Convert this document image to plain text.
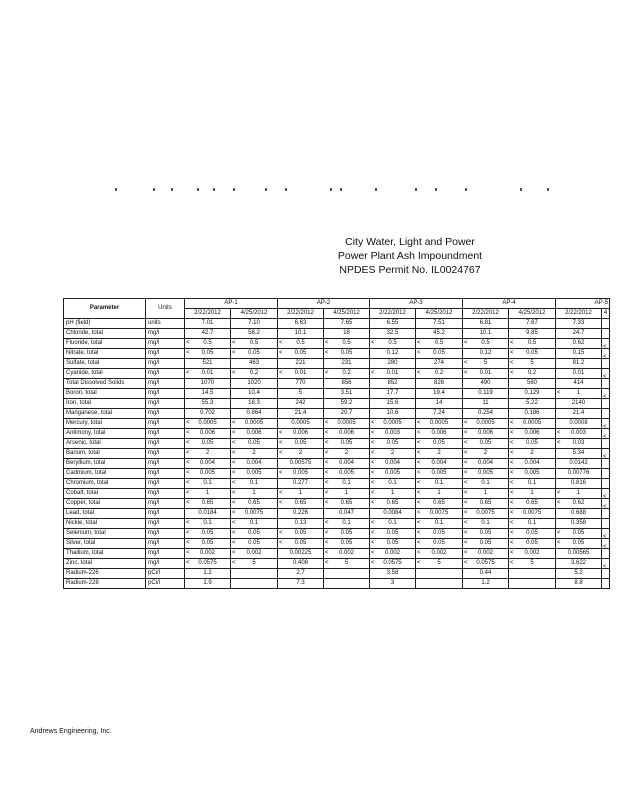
City Water, Light and Power
Power Plant Ash Impoundment
NPDES Permit No. IL0024767
Parameter	Units	AP-1		AP-2		AP-3		AP-4		AP-5	
		2/22/2012	4/25/2012	2/22/2012	4/25/2012	2/22/2012	4/25/2012	2/22/2012	4/25/2012	2/22/2012	4
pH (field)	units	7.01	7.10	6.63	7.65	6.55	7.51	6.81	7.67	7.33	

Chloride, total	mg/l	42.7	58.2	10.1	18	32.5	45.2	10.1	9.85	24.7	

Fluoride, total	mg/l	< 0.5	< 0.5	< 0.5	< 0.5	< 0.5	< 0.5	< 0.5	< 0.5	0.62	<

Nitrate, total	mg/l	< 0.05	< 0.05	< 0.05	< 0.05	0.12	< 0.05	0.12	< 0.05	0.15	<

Sulfate, total	mg/l	521	463	221	231	280	274	< 5	< 5	81.2	

Cyanide, total	mg/l	< 0.01	< 0.2	< 0.01	< 0.2	< 0.01	< 0.2	< 0.01	< 0.2	0.01	<

Total Dissolved Solids	mg/l	1070	1020	770	856	852	826	490	560	414	

Boron, total	mg/l	14.5	10.4	5	3.51	17.7	19.4	0.119	0.129	< 1	<

Iron, total	mg/l	55.3	18.3	242	59.2	15.6	14	11	5.22	2140	

Manganese, total	mg/l	0.702	0.864	21.4	20.7	10.6	7.24	0.254	0.186	21.4	

Mercury, total	mg/l	< 0.0005	< 0.0005	0.0005	< 0.0005	< 0.0005	< 0.0005	< 0.0005	< 0.0005	0.0008	<

Antimony, total	mg/l	< 0.006	< 0.006	< 0.006	< 0.006	< 0.003	< 0.006	< 0.006	< 0.006	< 0.003	<

Arsenic, total	mg/l	< 0.05	< 0.05	< 0.05	< 0.05	< 0.05	< 0.05	< 0.05	< 0.05	< 0.03	

Barium, total	mg/l	< 2	< 2	< 2	< 2	< 2	< 2	< 2	< 2	5.34	<

Beryllium, total	mg/l	< 0.004	< 0.004	0.00575	< 0.004	< 0.004	< 0.004	< 0.004	< 0.004	0.0142	

Cadmium, total	mg/l	< 0.005	< 0.005	< 0.005	< 0.005	< 0.005	< 0.005	< 0.005	< 0.005	0.00776	

Chromium, total	mg/l	< 0.1	< 0.1	0.277	< 0.1	< 0.1	< 0.1	< 0.1	< 0.1	0.816	

Cobalt, total	mg/l	< 1	< 1	< 1	< 1	< 1	< 1	< 1	< 1	< 1	<

Copper, total	mg/l	< 0.65	< 0.65	< 0.65	< 0.65	< 0.65	< 0.65	< 0.65	< 0.65	< 0.62	<

Lead, total	mg/l	0.0184	< 0.0075	0.226	0.047	0.0084	< 0.0075	< 0.0075	< 0.0075	0.688	

Nickle, total	mg/l	< 0.1	< 0.1	0.13	< 0.1	< 0.1	< 0.1	< 0.1	< 0.1	0.358	

Selenium, total	mg/l	< 0.05	< 0.05	< 0.05	< 0.05	< 0.05	< 0.05	< 0.05	< 0.05	< 0.05	<

Silver, total	mg/l	< 0.05	< 0.05	< 0.05	< 0.05	< 0.05	< 0.05	< 0.05	< 0.05	< 0.05	<

Thallium, total	mg/l	< 0.002	< 0.002	0.00225	< 0.002	< 0.002	< 0.002	< 0.002	< 0.002	0.00565	

Zinc, total	mg/l	< 0.0575	< 5	0.408	< 5	< 0.0575	< 5	< 0.0575	< 5	3.622	<

Radium-226	pCi/l	1.2		2.7		3.58		0.44		5.2	

Radium-228	pCi/l	1.9		7.3		3		1.2		8.8	

Andrews Engineering, Inc.
